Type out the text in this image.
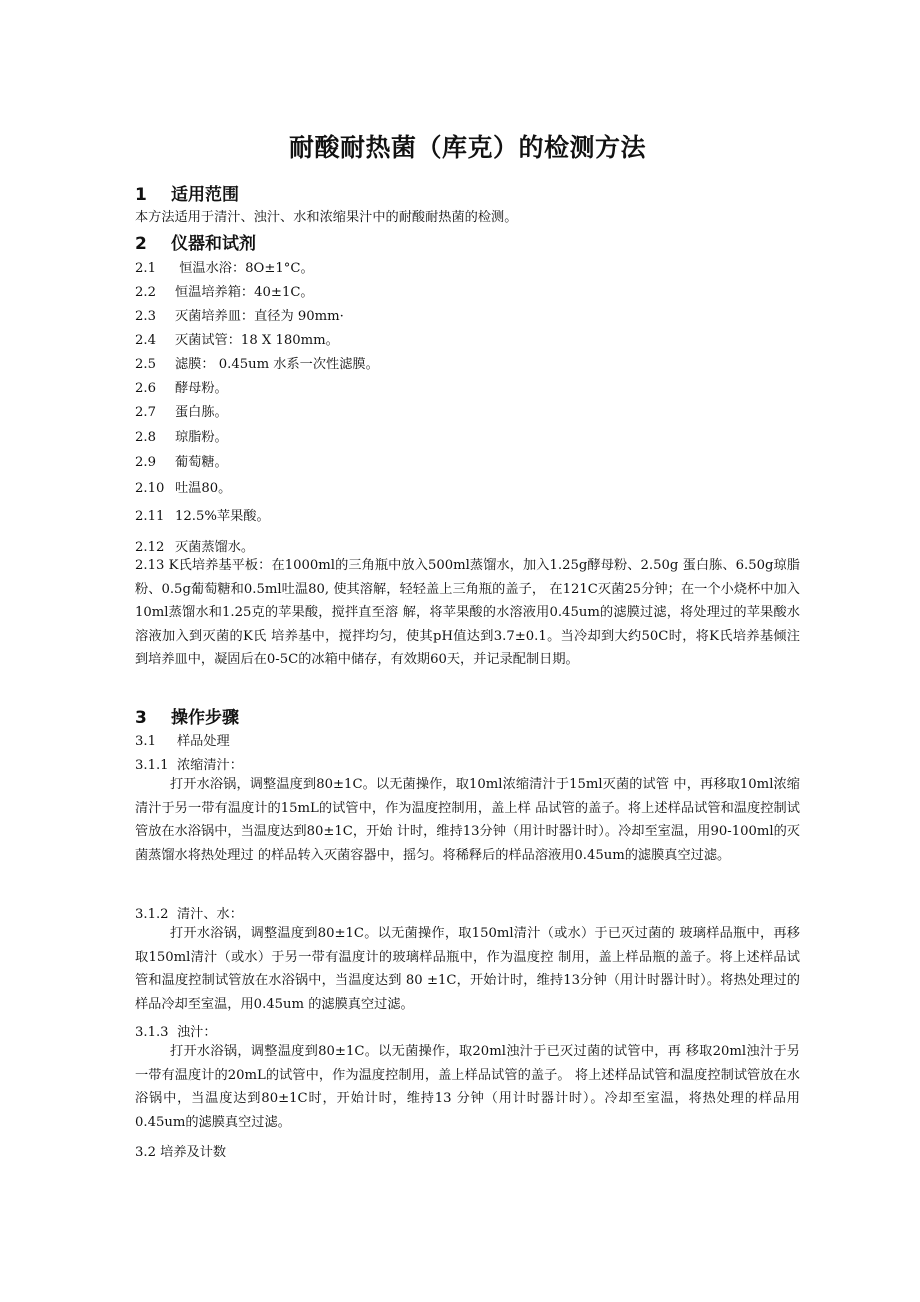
耐酸耐热菌（库克）的检测方法
1 适用范围
本方法适用于清汁、浊汁、水和浓缩果汁中的耐酸耐热菌的检测。
2 仪器和试剂
2.1 恒温水浴：8O±1°C。
2.2 恒温培养箱：40±1C。
2.3 灭菌培养皿：直径为 90mm·
2.4 灭菌试管：18 X 180mm。
2.5 滤膜： 0.45um 水系一次性滤膜。
2.6 酵母粉。
2.7 蛋白胨。
2.8 琼脂粉。
2.9 葡萄糖。
2.10 吐温80。
2.11 12.5%苹果酸。
2.12 灭菌蒸馏水。

2.13 K氏培养基平板：在1000ml的三角瓶中放入500ml蒸馏水，加入1.25g酵母粉、2.50g 蛋白胨、6.50g琼脂粉、0.5g葡萄糖和0.5ml吐温80, 使其溶解，轻轻盖上三角瓶的盖子， 在121C灭菌25分钟；在一个小烧杯中加入10ml蒸馏水和1.25克的苹果酸，搅拌直至溶 解，将苹果酸的水溶液用0.45um的滤膜过滤，将处理过的苹果酸水溶液加入到灭菌的K氏 培养基中，搅拌均匀，使其pH值达到3.7±0.1。当冷却到大约50C时，将K氏培养基倾注 到培养皿中，凝固后在0-5C的冰箱中储存，有效期60天，并记录配制日期。

3 操作步骤
3.1 样品处理
3.1.1 浓缩清汁：

打开水浴锅，调整温度到80±1C。以无菌操作，取10ml浓缩清汁于15ml灭菌的试管 中，再移取10ml浓缩清汁于另一带有温度计的15mL的试管中，作为温度控制用，盖上样 品试管的盖子。将上述样品试管和温度控制试管放在水浴锅中，当温度达到80±1C，开始 计时，维持13分钟（用计时器计时）。冷却至室温，用90-100ml的灭菌蒸馏水将热处理过 的样品转入灭菌容器中，摇匀。将稀释后的样品溶液用0.45um的滤膜真空过滤。

3.1.2 清汁、水：

打开水浴锅，调整温度到80±1C。以无菌操作，取150ml清汁（或水）于已灭过菌的 玻璃样品瓶中，再移取150ml清汁（或水）于另一带有温度计的玻璃样品瓶中，作为温度控 制用，盖上样品瓶的盖子。将上述样品试管和温度控制试管放在水浴锅中，当温度达到 80 ±1C，开始计时，维持13分钟（用计时器计时）。将热处理过的样品冷却至室温，用0.45um 的滤膜真空过滤。

3.1.3 浊汁：

打开水浴锅，调整温度到80±1C。以无菌操作，取20ml浊汁于已灭过菌的试管中，再 移取20ml浊汁于另一带有温度计的20mL的试管中，作为温度控制用，盖上样品试管的盖子。 将上述样品试管和温度控制试管放在水浴锅中，当温度达到80±1C时，开始计时，维持13 分钟（用计时器计时）。冷却至室温，将热处理的样品用0.45um的滤膜真空过滤。

3.2 培养及计数
